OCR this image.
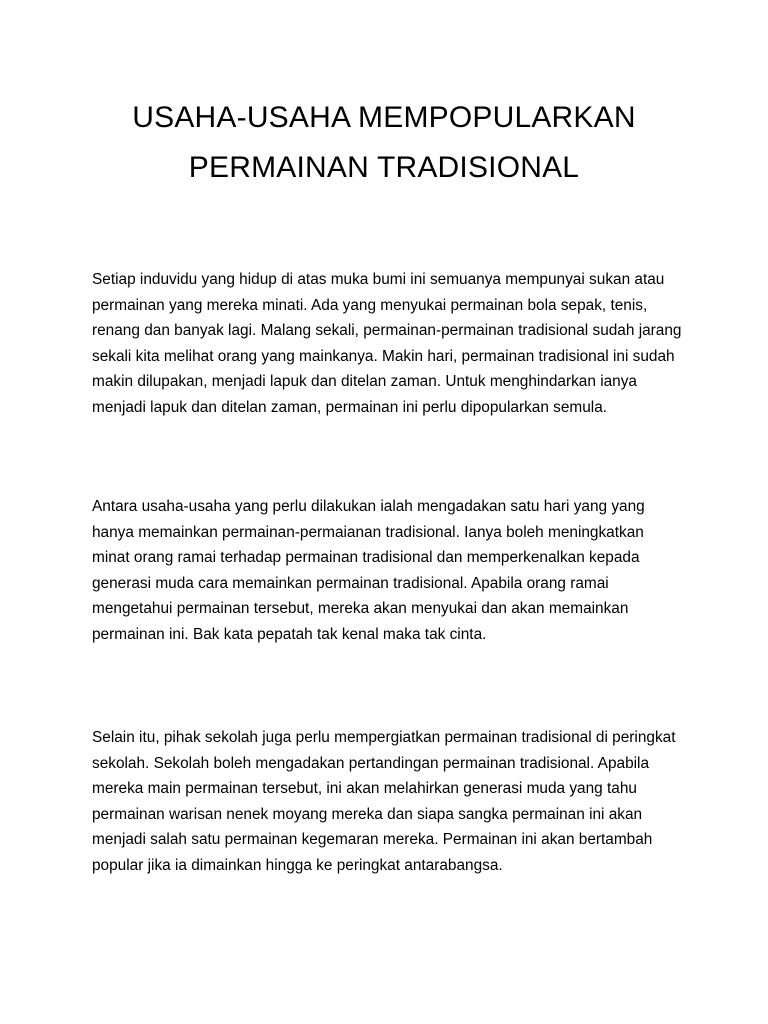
USAHA-USAHA MEMPOPULARKAN
PERMAINAN TRADISIONAL

Setiap induvidu yang hidup di atas muka bumi ini semuanya mempunyai sukan atau permainan yang mereka minati. Ada yang menyukai permainan bola sepak, tenis, renang dan banyak lagi. Malang sekali, permainan-permainan tradisional sudah jarang sekali kita melihat orang yang mainkanya. Makin hari, permainan tradisional ini sudah makin dilupakan, menjadi lapuk dan ditelan zaman. Untuk menghindarkan ianya menjadi lapuk dan ditelan zaman, permainan ini perlu dipopularkan semula.

Antara usaha-usaha yang perlu dilakukan ialah mengadakan satu hari yang yang hanya memainkan permainan-permaianan tradisional. Ianya boleh meningkatkan minat orang ramai terhadap permainan tradisional dan memperkenalkan kepada generasi muda cara memainkan permainan tradisional. Apabila orang ramai mengetahui permainan tersebut, mereka akan menyukai dan akan memainkan permainan ini. Bak kata pepatah tak kenal maka tak cinta.

Selain itu, pihak sekolah juga perlu mempergiatkan permainan tradisional di peringkat sekolah. Sekolah boleh mengadakan pertandingan permainan tradisional. Apabila mereka main permainan tersebut, ini akan melahirkan generasi muda yang tahu permainan warisan nenek moyang mereka dan siapa sangka permainan ini akan menjadi salah satu permainan kegemaran mereka. Permainan ini akan bertambah popular jika ia dimainkan hingga ke peringkat antarabangsa.
